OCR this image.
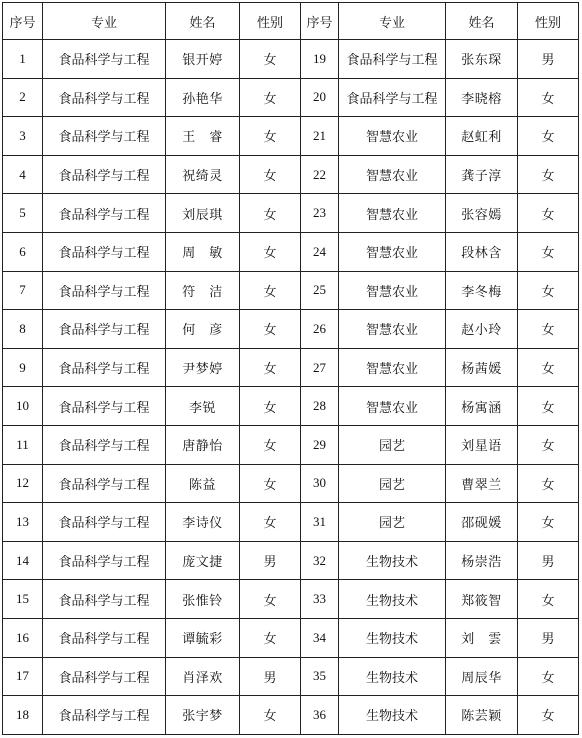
序号	专业	姓名	性别	序号	专业	姓名	性别
1	食品科学与工程	银开婷	女	19	食品科学与工程	张东琛	男
2	食品科学与工程	孙艳华	女	20	食品科学与工程	李晓榕	女
3	食品科学与工程	王　睿	女	21	智慧农业	赵虹利	女
4	食品科学与工程	祝绮灵	女	22	智慧农业	龚子淳	女
5	食品科学与工程	刘辰琪	女	23	智慧农业	张容嫣	女
6	食品科学与工程	周　敏	女	24	智慧农业	段林含	女
7	食品科学与工程	符　洁	女	25	智慧农业	李冬梅	女
8	食品科学与工程	何　彦	女	26	智慧农业	赵小玲	女
9	食品科学与工程	尹梦婷	女	27	智慧农业	杨茜媛	女
10	食品科学与工程	李锐	女	28	智慧农业	杨寓涵	女
11	食品科学与工程	唐静怡	女	29	园艺	刘星语	女
12	食品科学与工程	陈益	女	30	园艺	曹翠兰	女
13	食品科学与工程	李诗仪	女	31	园艺	邵砚媛	女
14	食品科学与工程	庞文捷	男	32	生物技术	杨崇浩	男
15	食品科学与工程	张惟铃	女	33	生物技术	郑筱智	女
16	食品科学与工程	谭毓彩	女	34	生物技术	刘　雲	男
17	食品科学与工程	肖泽欢	男	35	生物技术	周辰华	女
18	食品科学与工程	张宇梦	女	36	生物技术	陈芸颖	女
